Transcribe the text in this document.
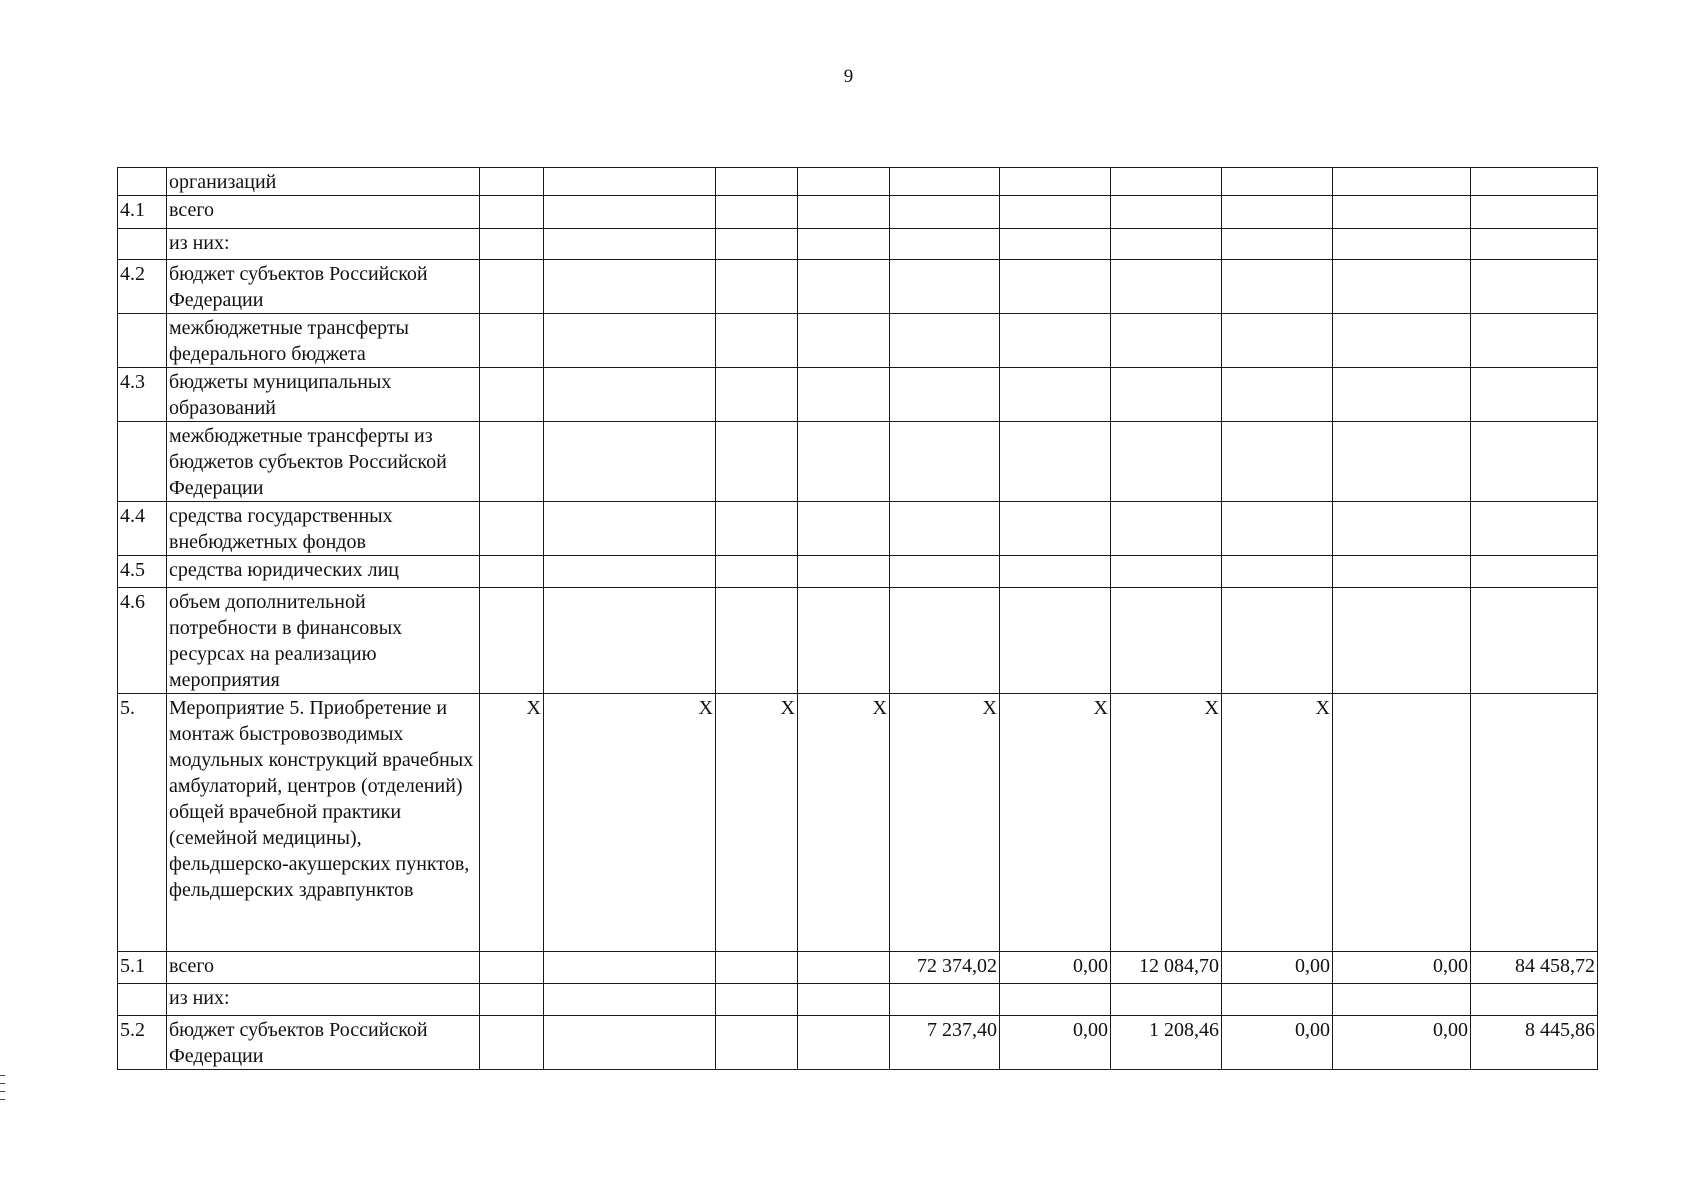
9
	организаций										
4.1	всего										
	из них:										
4.2	бюджет субъектов Российской Федерации										
	межбюджетные трансферты федерального бюджета										
4.3	бюджеты муниципальных образований										
	межбюджетные трансферты из бюджетов субъектов Российской Федерации										
4.4	средства государственных внебюджетных фондов										
4.5	средства юридических лиц										
4.6	объем дополнительной потребности в финансовых ресурсах на реализацию мероприятия										
5.	Мероприятие 5. Приобретение и монтаж быстровозводимых модульных конструкций врачебных амбулаторий, центров (отделений) общей врачебной практики (семейной медицины), фельдшерско-акушерских пунктов, фельдшерских здравпунктов	X	X	X	X	X	X	X	X		
5.1	всего					72 374,02	0,00	12 084,70	0,00	0,00	84 458,72
	из них:										
5.2	бюджет субъектов Российской Федерации					7 237,40	0,00	1 208,46	0,00	0,00	8 445,86
